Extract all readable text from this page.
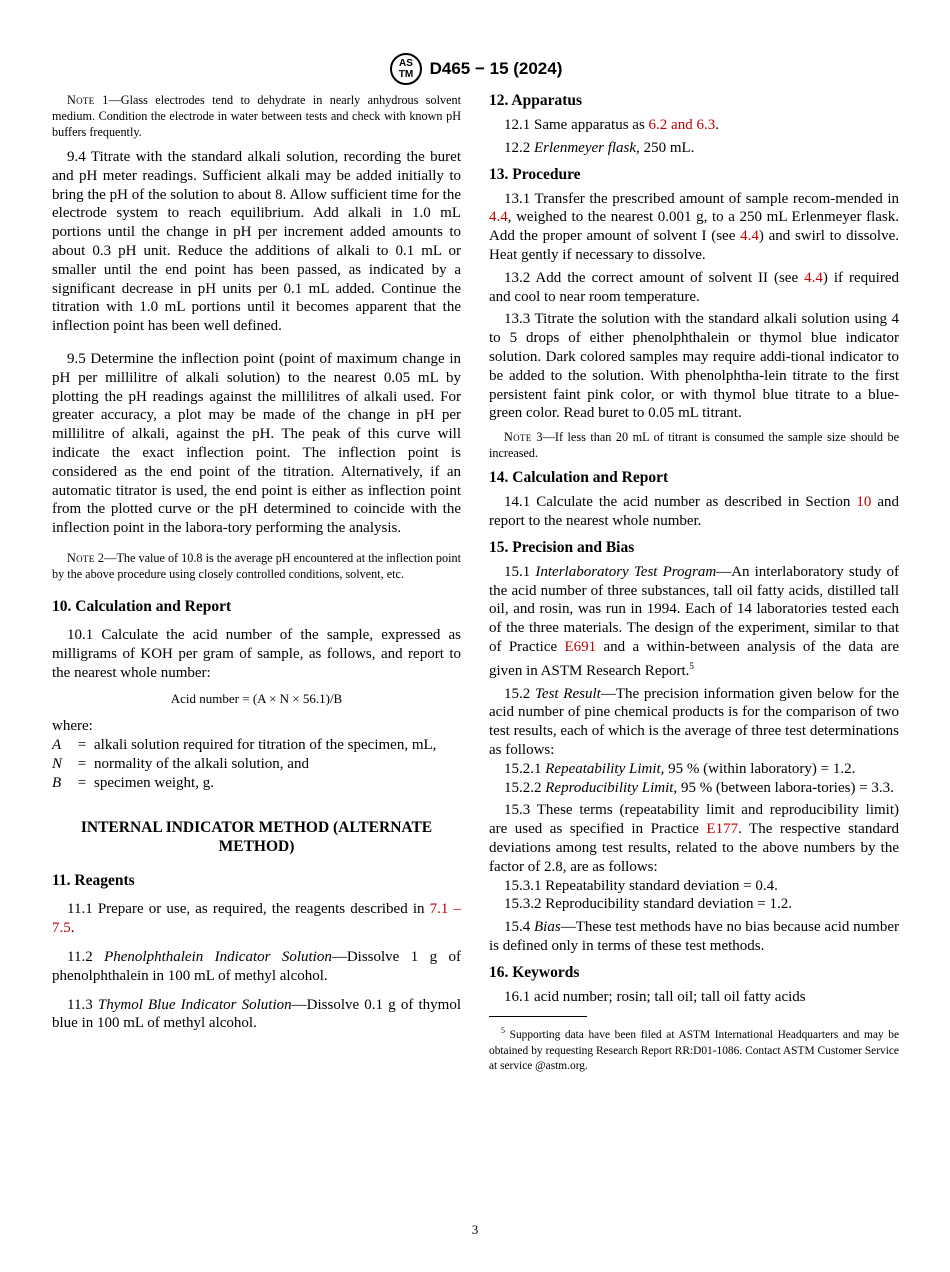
AS
TM D465 − 15 (2024)

Note 1—Glass electrodes tend to dehydrate in nearly anhydrous solvent medium. Condition the electrode in water between tests and check with known pH buffers frequently.

9.4 Titrate with the standard alkali solution, recording the buret and pH meter readings. Sufficient alkali may be added initially to bring the pH of the solution to about 8. Allow sufficient time for the electrode system to reach equilibrium. Add alkali in 1.0 mL portions until the change in pH per increment added amounts to about 0.3 pH unit. Reduce the additions of alkali to 0.1 mL or smaller until the end point has been passed, as indicated by a significant decrease in pH units per 0.1 mL added. Continue the titration with 1.0 mL portions until it becomes apparent that the inflection point has been well defined.

9.5 Determine the inflection point (point of maximum change in pH per millilitre of alkali solution) to the nearest 0.05 mL by plotting the pH readings against the millilitres of alkali used. For greater accuracy, a plot may be made of the change in pH per millilitre of alkali, against the pH. The peak of this curve will indicate the exact inflection point. The inflection point is considered as the end point of the titration. Alternatively, if an automatic titrator is used, the end point is either as inflection point from the plotted curve or the pH determined to coincide with the inflection point in the labora-tory performing the analysis.

Note 2—The value of 10.8 is the average pH encountered at the inflection point by the above procedure using closely controlled conditions, solvent, etc.

10. Calculation and Report

10.1 Calculate the acid number of the sample, expressed as milligrams of KOH per gram of sample, as follows, and report to the nearest whole number:

Acid number = (A × N × 56.1)/B

where:

A	= alkali solution required for titration of the specimen, mL,
N	= normality of the alkali solution, and
B	= specimen weight, g.
INTERNAL INDICATOR METHOD (ALTERNATE METHOD)
11. Reagents

11.1 Prepare or use, as required, the reagents described in 7.1 – 7.5.

11.2 Phenolphthalein Indicator Solution—Dissolve 1 g of phenolphthalein in 100 mL of methyl alcohol.

11.3 Thymol Blue Indicator Solution—Dissolve 0.1 g of thymol blue in 100 mL of methyl alcohol.

12. Apparatus

12.1 Same apparatus as 6.2 and 6.3.

12.2 Erlenmeyer flask, 250 mL.

13. Procedure

13.1 Transfer the prescribed amount of sample recom-mended in 4.4, weighed to the nearest 0.001 g, to a 250 mL Erlenmeyer flask. Add the proper amount of solvent I (see 4.4) and swirl to dissolve. Heat gently if necessary to dissolve.

13.2 Add the correct amount of solvent II (see 4.4) if required and cool to near room temperature.

13.3 Titrate the solution with the standard alkali solution using 4 to 5 drops of either phenolphthalein or thymol blue indicator solution. Dark colored samples may require addi-tional indicator to be added to the solution. With phenolphtha-lein titrate to the first persistent faint pink color, or with thymol blue titrate to a blue-green color. Read buret to 0.05 mL titrant.

Note 3—If less than 20 mL of titrant is consumed the sample size should be increased.

14. Calculation and Report

14.1 Calculate the acid number as described in Section 10 and report to the nearest whole number.

15. Precision and Bias

15.1 Interlaboratory Test Program—An interlaboratory study of the acid number of three substances, tall oil fatty acids, distilled tall oil, and rosin, was run in 1994. Each of 14 laboratories tested each of the three materials. The design of the experiment, similar to that of Practice E691 and a within-between analysis of the data are given in ASTM Research Report.$^5$

15.2 Test Result—The precision information given below for the acid number of pine chemical products is for the comparison of two test results, each of which is the average of three test determinations as follows:

15.2.1 Repeatability Limit, 95 % (within laboratory) = 1.2.

15.2.2 Reproducibility Limit, 95 % (between labora-tories) = 3.3.

15.3 These terms (repeatability limit and reproducibility limit) are used as specified in Practice E177. The respective standard deviations among test results, related to the above numbers by the factor of 2.8, are as follows:

15.3.1 Repeatability standard deviation = 0.4.

15.3.2 Reproducibility standard deviation = 1.2.

15.4 Bias—These test methods have no bias because acid number is defined only in terms of these test methods.

16. Keywords

16.1 acid number; rosin; tall oil; tall oil fatty acids

$^5$ Supporting data have been filed at ASTM International Headquarters and may be obtained by requesting Research Report RR:D01-1086. Contact ASTM Customer Service at service @astm.org.

3
